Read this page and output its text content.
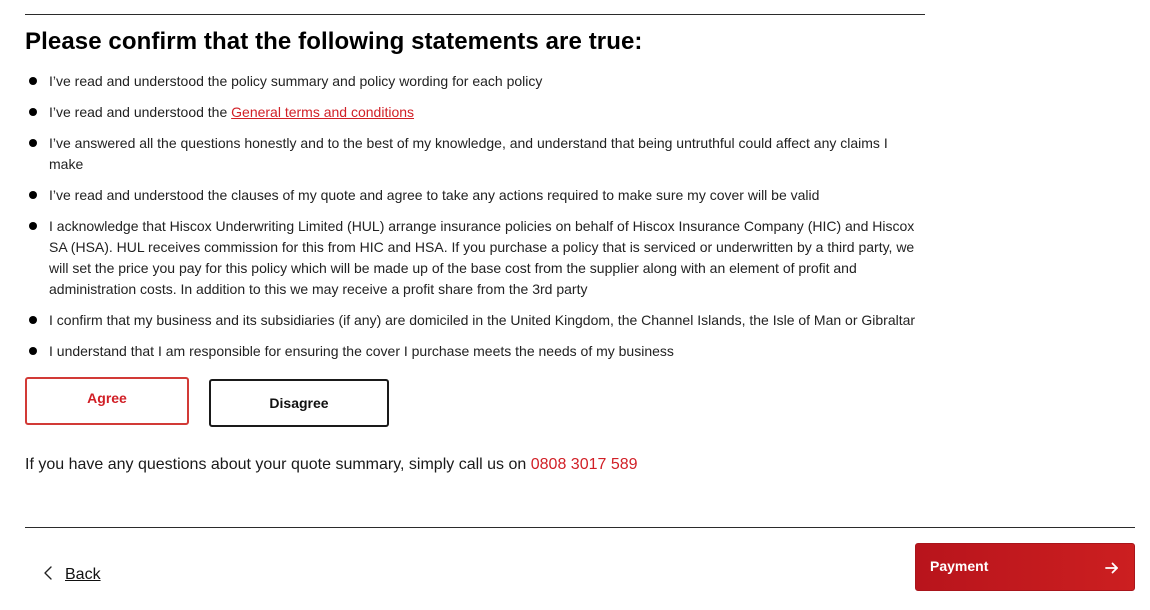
Please confirm that the following statements are true:
I’ve read and understood the policy summary and policy wording for each policy
I’ve read and understood the General terms and conditions
I’ve answered all the questions honestly and to the best of my knowledge, and understand that being untruthful could affect any claims I make
I’ve read and understood the clauses of my quote and agree to take any actions required to make sure my cover will be valid
I acknowledge that Hiscox Underwriting Limited (HUL) arrange insurance policies on behalf of Hiscox Insurance Company (HIC) and Hiscox SA (HSA). HUL receives commission for this from HIC and HSA. If you purchase a policy that is serviced or underwritten by a third party, we will set the price you pay for this policy which will be made up of the base cost from the supplier along with an element of profit and administration costs. In addition to this we may receive a profit share from the 3rd party
I confirm that my business and its subsidiaries (if any) are domiciled in the United Kingdom, the Channel Islands, the Isle of Man or Gibraltar
I understand that I am responsible for ensuring the cover I purchase meets the needs of my business
Agree	Disagree
If you have any questions about your quote summary, simply call us on 0808 3017 589
Back	Payment
